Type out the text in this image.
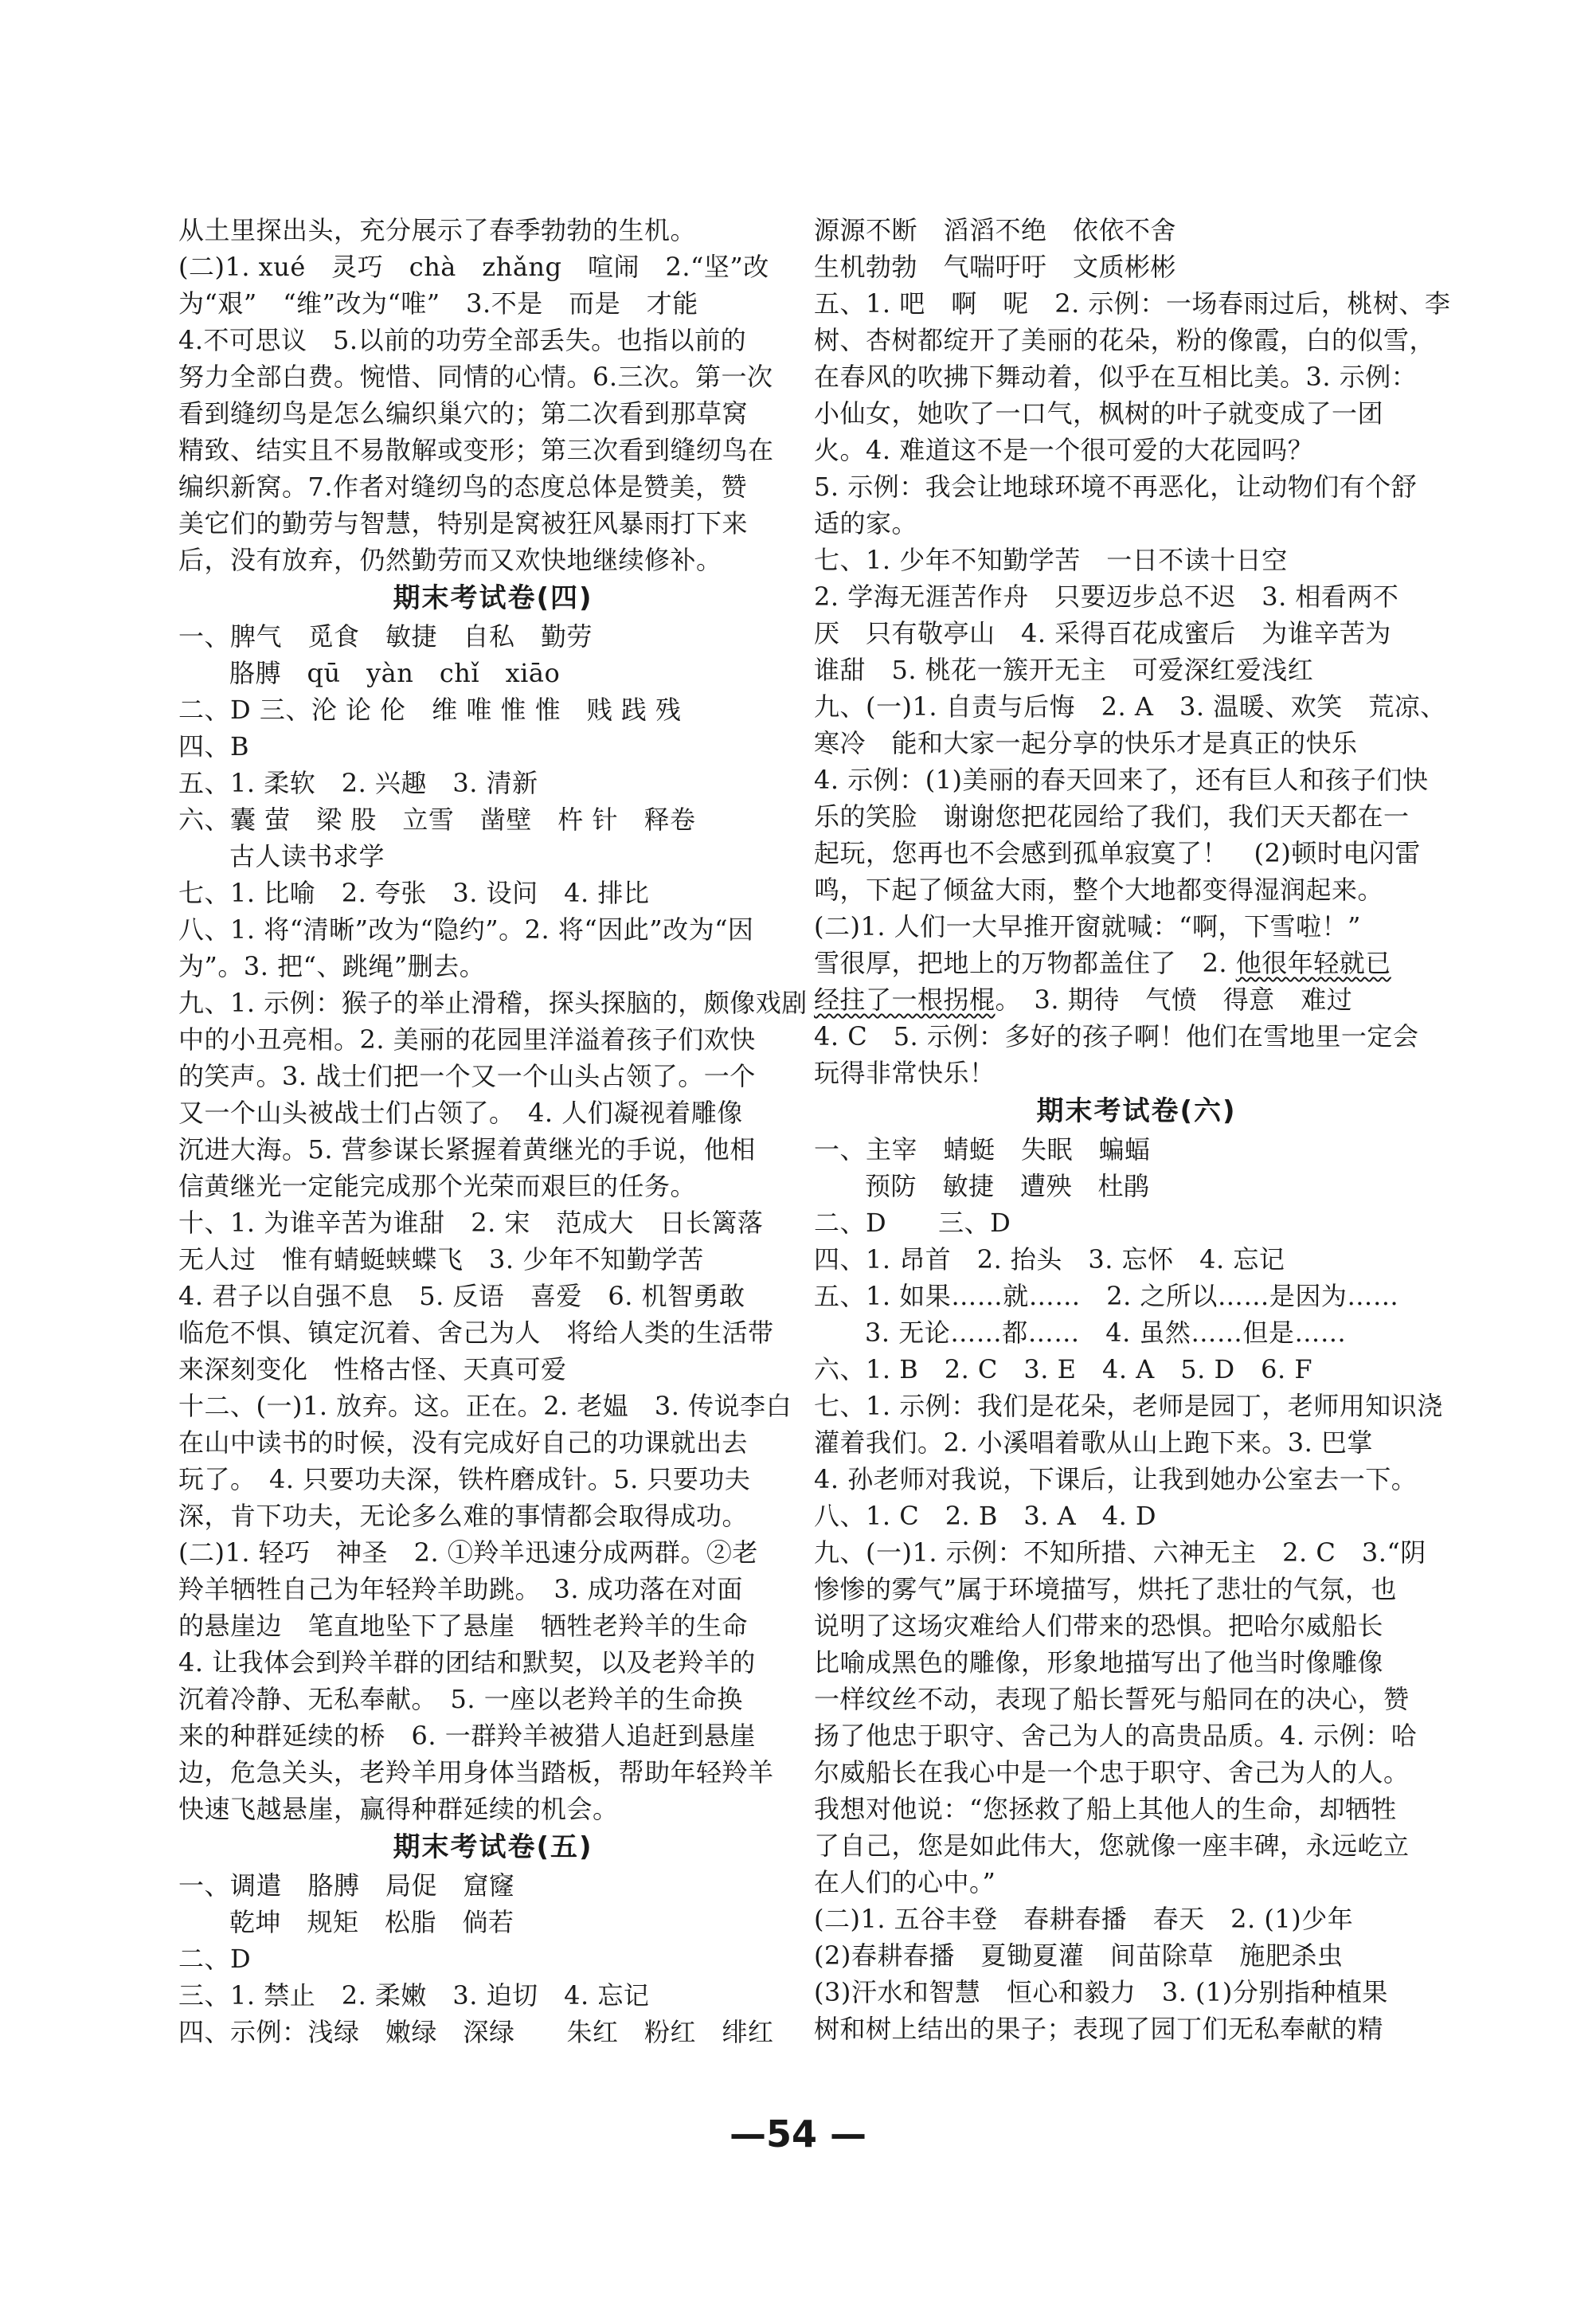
从土里探出头，充分展示了春季勃勃的生机。
(二)1. xué　灵巧　chà　zhǎng　喧闹　2.“坚”改
为“艰”　“维”改为“唯”　3.不是　而是　才能
4.不可思议　5.以前的功劳全部丢失。也指以前的
努力全部白费。惋惜、同情的心情。6.三次。第一次
看到缝纫鸟是怎么编织巢穴的；第二次看到那草窝
精致、结实且不易散解或变形；第三次看到缝纫鸟在
编织新窝。7.作者对缝纫鸟的态度总体是赞美，赞
美它们的勤劳与智慧，特别是窝被狂风暴雨打下来
后，没有放弃，仍然勤劳而又欢快地继续修补。
期末考试卷(四)
一、脾气　觅食　敏捷　自私　勤劳
胳膊　qū　yàn　chǐ　xiāo
二、D 三、沦 论 伦　维 唯 惟 惟　贱 践 残
四、B
五、1. 柔软　2. 兴趣　3. 清新
六、囊 萤　梁 股　立雪　凿壁　杵 针　释卷
古人读书求学
七、1. 比喻　2. 夸张　3. 设问　4. 排比
八、1. 将“清晰”改为“隐约”。2. 将“因此”改为“因
为”。3. 把“、跳绳”删去。
九、1. 示例：猴子的举止滑稽，探头探脑的，颇像戏剧
中的小丑亮相。2. 美丽的花园里洋溢着孩子们欢快
的笑声。3. 战士们把一个又一个山头占领了。一个
又一个山头被战士们占领了。　4. 人们凝视着雕像
沉进大海。5. 营参谋长紧握着黄继光的手说，他相
信黄继光一定能完成那个光荣而艰巨的任务。
十、1. 为谁辛苦为谁甜　2. 宋　范成大　日长篱落
无人过　惟有蜻蜓蛱蝶飞　3. 少年不知勤学苦
4. 君子以自强不息　5. 反语　喜爱　6. 机智勇敢
临危不惧、镇定沉着、舍己为人　将给人类的生活带
来深刻变化　性格古怪、天真可爱
十二、(一)1. 放弃。这。正在。2. 老媪　3. 传说李白
在山中读书的时候，没有完成好自己的功课就出去
玩了。　4. 只要功夫深，铁杵磨成针。5. 只要功夫
深，肯下功夫，无论多么难的事情都会取得成功。
(二)1. 轻巧　神圣　2. ①羚羊迅速分成两群。②老
羚羊牺牲自己为年轻羚羊助跳。　3. 成功落在对面
的悬崖边　笔直地坠下了悬崖　牺牲老羚羊的生命
4. 让我体会到羚羊群的团结和默契，以及老羚羊的
沉着冷静、无私奉献。　5. 一座以老羚羊的生命换
来的种群延续的桥　6. 一群羚羊被猎人追赶到悬崖
边，危急关头，老羚羊用身体当踏板，帮助年轻羚羊
快速飞越悬崖，赢得种群延续的机会。
期末考试卷(五)
一、调遣　胳膊　局促　窟窿
乾坤　规矩　松脂　倘若
二、D
三、1. 禁止　2. 柔嫩　3. 迫切　4. 忘记
四、示例：浅绿　嫩绿　深绿　　朱红　粉红　绯红
源源不断　滔滔不绝　依依不舍
生机勃勃　气喘吁吁　文质彬彬
五、1. 吧　啊　呢　2. 示例：一场春雨过后，桃树、李
树、杏树都绽开了美丽的花朵，粉的像霞，白的似雪，
在春风的吹拂下舞动着，似乎在互相比美。3. 示例：
小仙女，她吹了一口气，枫树的叶子就变成了一团
火。4. 难道这不是一个很可爱的大花园吗？
5. 示例：我会让地球环境不再恶化，让动物们有个舒
适的家。
七、1. 少年不知勤学苦　一日不读十日空
2. 学海无涯苦作舟　只要迈步总不迟　3. 相看两不
厌　只有敬亭山　4. 采得百花成蜜后　为谁辛苦为
谁甜　5. 桃花一簇开无主　可爱深红爱浅红
九、(一)1. 自责与后悔　2. A　3. 温暖、欢笑　荒凉、
寒冷　能和大家一起分享的快乐才是真正的快乐
4. 示例：(1)美丽的春天回来了，还有巨人和孩子们快
乐的笑脸　谢谢您把花园给了我们，我们天天都在一
起玩，您再也不会感到孤单寂寞了！　(2)顿时电闪雷
鸣，下起了倾盆大雨，整个大地都变得湿润起来。
(二)1. 人们一大早推开窗就喊：“啊，下雪啦！”
雪很厚，把地上的万物都盖住了　2. 他很年轻就已
经拄了一根拐棍。　3. 期待　气愤　得意　难过
4. C　5. 示例：多好的孩子啊！他们在雪地里一定会
玩得非常快乐！
期末考试卷(六)
一、主宰　蜻蜓　失眠　蝙蝠
预防　敏捷　遭殃　杜鹃
二、D　　三、D
四、1. 昂首　2. 抬头　3. 忘怀　4. 忘记
五、1. 如果……就……　2. 之所以……是因为……
3. 无论……都……　4. 虽然……但是……
六、1. B　2. C　3. E　4. A　5. D　6. F
七、1. 示例：我们是花朵，老师是园丁，老师用知识浇
灌着我们。2. 小溪唱着歌从山上跑下来。3. 巴掌
4. 孙老师对我说，下课后，让我到她办公室去一下。
八、1. C　2. B　3. A　4. D
九、(一)1. 示例：不知所措、六神无主　2. C　3.“阴
惨惨的雾气”属于环境描写，烘托了悲壮的气氛，也
说明了这场灾难给人们带来的恐惧。把哈尔威船长
比喻成黑色的雕像，形象地描写出了他当时像雕像
一样纹丝不动，表现了船长誓死与船同在的决心，赞
扬了他忠于职守、舍己为人的高贵品质。4. 示例：哈
尔威船长在我心中是一个忠于职守、舍己为人的人。
我想对他说：“您拯救了船上其他人的生命，却牺牲
了自己，您是如此伟大，您就像一座丰碑，永远屹立
在人们的心中。”
(二)1. 五谷丰登　春耕春播　春天　2. (1)少年
(2)春耕春播　夏锄夏灌　间苗除草　施肥杀虫
(3)汗水和智慧　恒心和毅力　3. (1)分别指种植果
树和树上结出的果子；表现了园丁们无私奉献的精
—54 —
